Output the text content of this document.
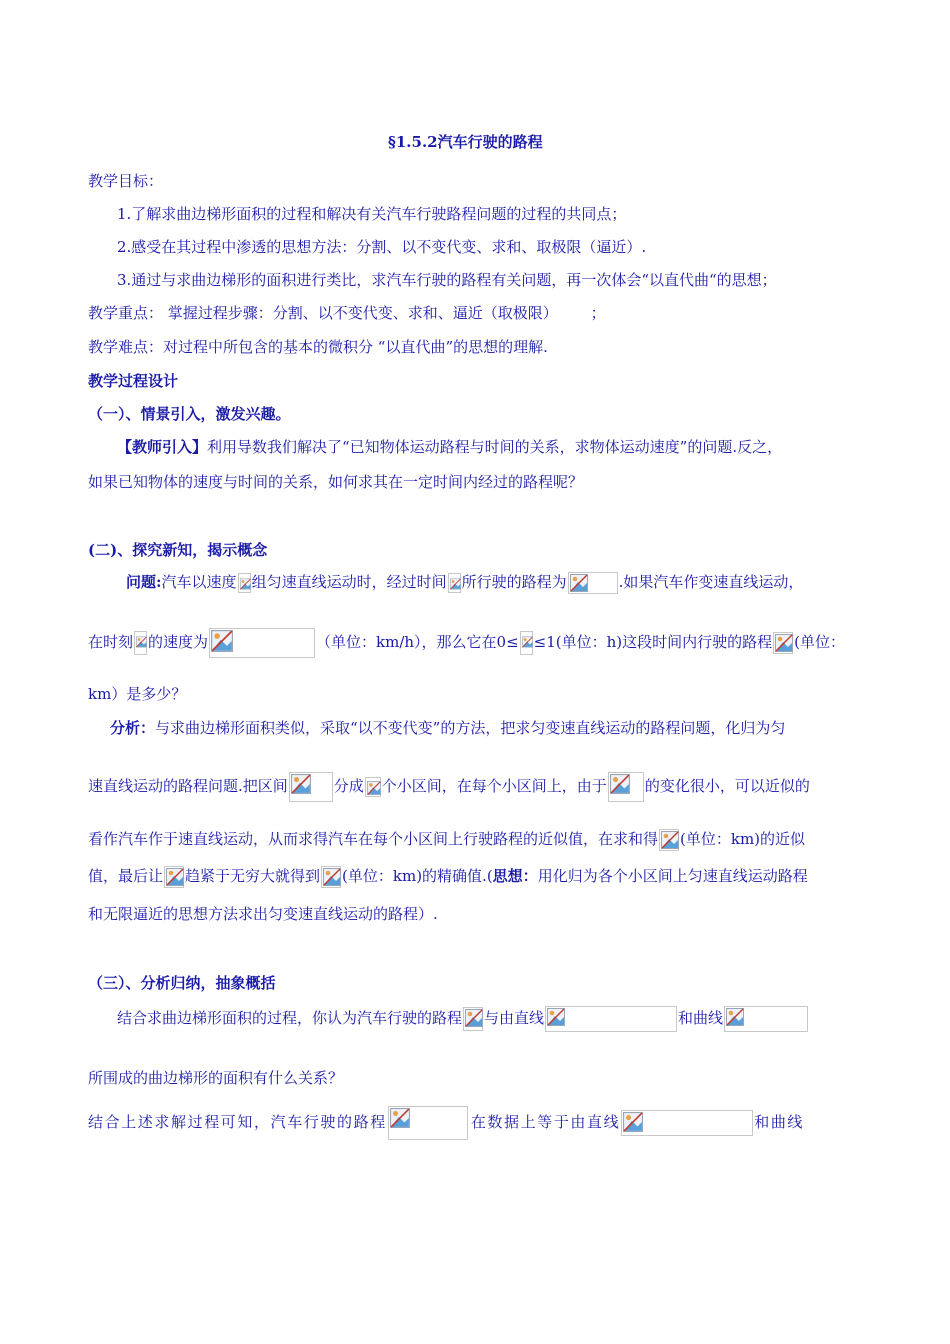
§1.5.2汽车行驶的路程
教学目标：
1.了解求曲边梯形面积的过程和解决有关汽车行驶路程问题的过程的共同点；
2.感受在其过程中渗透的思想方法：分割、以不变代变、求和、取极限（逼近）.
3.通过与求曲边梯形的面积进行类比，求汽车行驶的路程有关问题，再一次体会“以直代曲“的思想；
教学重点： 掌握过程步骤：分割、以不变代变、求和、逼近（取极限） ；
教学难点：对过程中所包含的基本的微积分 “以直代曲”的思想的理解.
教学过程设计
（一）、情景引入，激发兴趣。
【教师引入】利用导数我们解决了“已知物体运动路程与时间的关系，求物体运动速度”的问题.反之，
如果已知物体的速度与时间的关系，如何求其在一定时间内经过的路程呢？
(二)、探究新知，揭示概念
问题:汽车以速度 组匀速直线运动时，经过时间 所行驶的路程为	.如果汽车作变速直线运动，
在时刻 的速度为	（单位：km/h），那么它在0≤ ≤1(单位：h)这段时间内行驶的路程 (单位：
km）是多少？
分析：与求曲边梯形面积类似，采取“以不变代变”的方法，把求匀变速直线运动的路程问题，化归为匀
速直线运动的路程问题.把区间	分成 个小区间，在每个小区间上，由于	的变化很小，可以近似的
看作汽车作于速直线运动，从而求得汽车在每个小区间上行驶路程的近似值，在求和得 (单位：km)的近似
值，最后让 趋紧于无穷大就得到 (单位：km)的精确值.(思想：用化归为各个小区间上匀速直线运动路程
和无限逼近的思想方法求出匀变速直线运动的路程）.
（三）、分析归纳，抽象概括
结合求曲边梯形面积的过程，你认为汽车行驶的路程 与由直线	和曲线
所围成的曲边梯形的面积有什么关系？
结合上述求解过程可知，汽车行驶的路程	在数据上等于由直线	和曲线
